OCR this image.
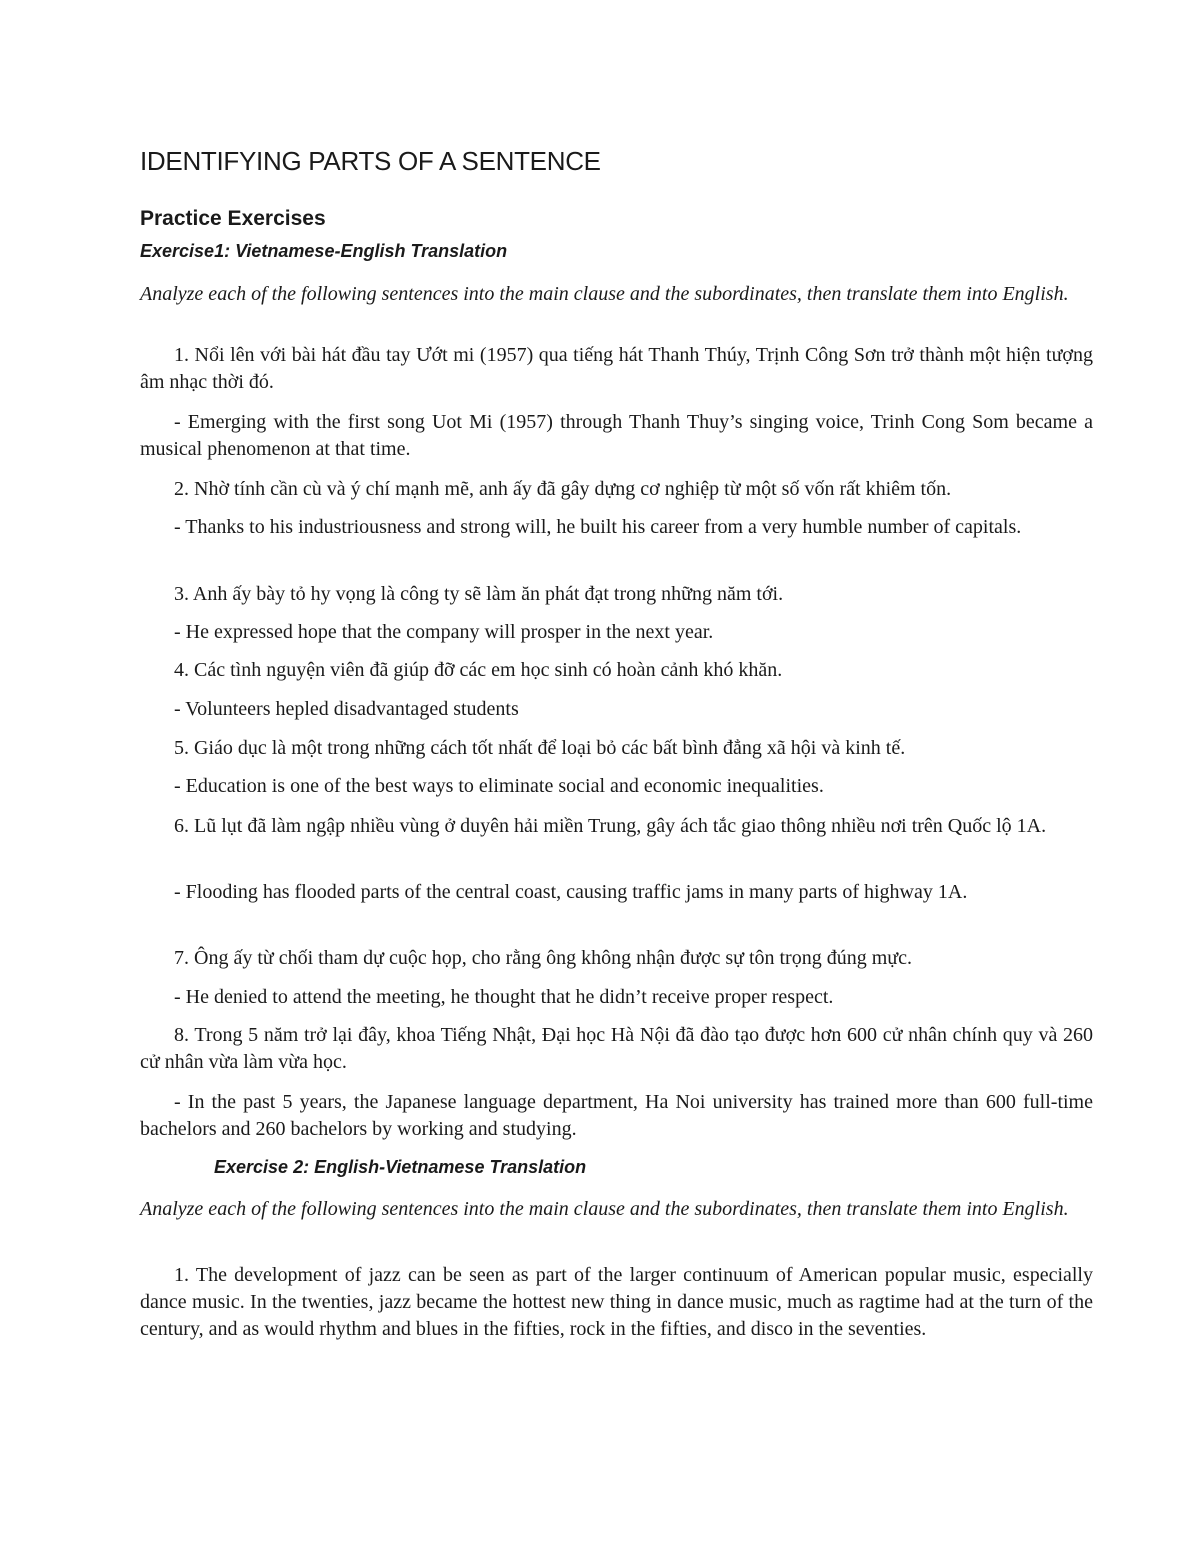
IDENTIFYING PARTS OF A SENTENCE
Practice Exercises
Exercise1: Vietnamese-English Translation

Analyze each of the following sentences into the main clause and the subordinates, then translate them into English.

1. Nổi lên với bài hát đầu tay Ướt mi (1957) qua tiếng hát Thanh Thúy, Trịnh Công Sơn trở thành một hiện tượng âm nhạc thời đó.

- Emerging with the first song Uot Mi (1957) through Thanh Thuy’s singing voice, Trinh Cong Som became a musical phenomenon at that time.

2. Nhờ tính cần cù và ý chí mạnh mẽ, anh ấy đã gây dựng cơ nghiệp từ một số vốn rất khiêm tốn.

- Thanks to his industriousness and strong will, he built his career from a very humble number of capitals.

3. Anh ấy bày tỏ hy vọng là công ty sẽ làm ăn phát đạt trong những năm tới.

- He expressed hope that the company will prosper in the next year.

4. Các tình nguyện viên đã giúp đỡ các em học sinh có hoàn cảnh khó khăn.

- Volunteers hepled disadvantaged students

5. Giáo dục là một trong những cách tốt nhất để loại bỏ các bất bình đẳng xã hội và kinh tế.

- Education is one of the best ways to eliminate social and economic inequalities.

6. Lũ lụt đã làm ngập nhiều vùng ở duyên hải miền Trung, gây ách tắc giao thông nhiều nơi trên Quốc lộ 1A.

- Flooding has flooded parts of the central coast, causing traffic jams in many parts of highway 1A.

7. Ông ấy từ chối tham dự cuộc họp, cho rằng ông không nhận được sự tôn trọng đúng mực.

- He denied to attend the meeting, he thought that he didn’t receive proper respect.

8. Trong 5 năm trở lại đây, khoa Tiếng Nhật, Đại học Hà Nội đã đào tạo được hơn 600 cử nhân chính quy và 260 cử nhân vừa làm vừa học.

- In the past 5 years, the Japanese language department, Ha Noi university has trained more than 600 full-time bachelors and 260 bachelors by working and studying.

Exercise 2: English-Vietnamese Translation

Analyze each of the following sentences into the main clause and the subordinates, then translate them into English.

1. The development of jazz can be seen as part of the larger continuum of American popular music, especially dance music. In the twenties, jazz became the hottest new thing in dance music, much as ragtime had at the turn of the century, and as would rhythm and blues in the fifties, rock in the fifties, and disco in the seventies.
